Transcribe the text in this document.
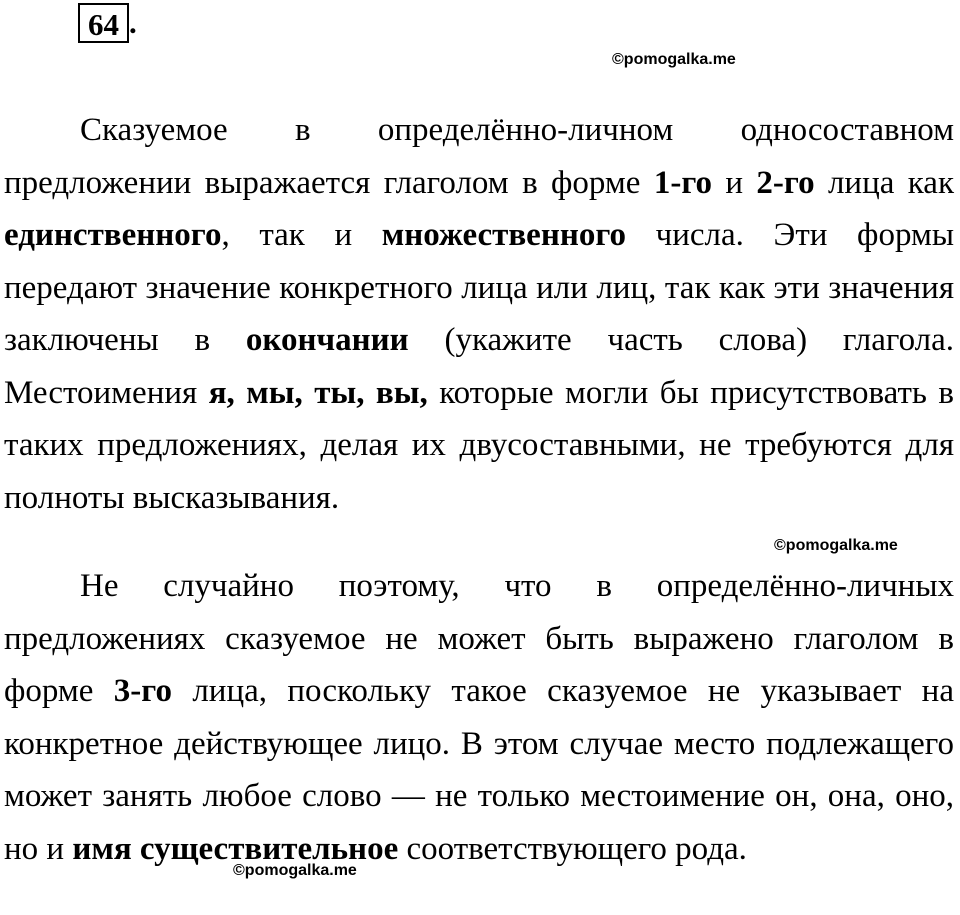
64 .
©pomogalka.me
Сказуемое в определённо-личном односоставном предложении выражается глаголом в форме 1-го и 2-го лица как единственного, так и множественного числа. Эти формы передают значение конкретного лица или лиц, так как эти значения заключены в окончании (укажите часть слова) глагола. Местоимения я, мы, ты, вы, которые могли бы присутствовать в таких предложениях, делая их двусоставными, не требуются для полноты высказывания.
©pomogalka.me
Не случайно поэтому, что в определённо-личных предложениях сказуемое не может быть выражено глаголом в форме 3-го лица, поскольку такое сказуемое не указывает на конкретное действующее лицо. В этом случае место подлежащего может занять любое слово — не только местоимение он, она, оно, но и имя существительное соответствующего рода.
©pomogalka.me
